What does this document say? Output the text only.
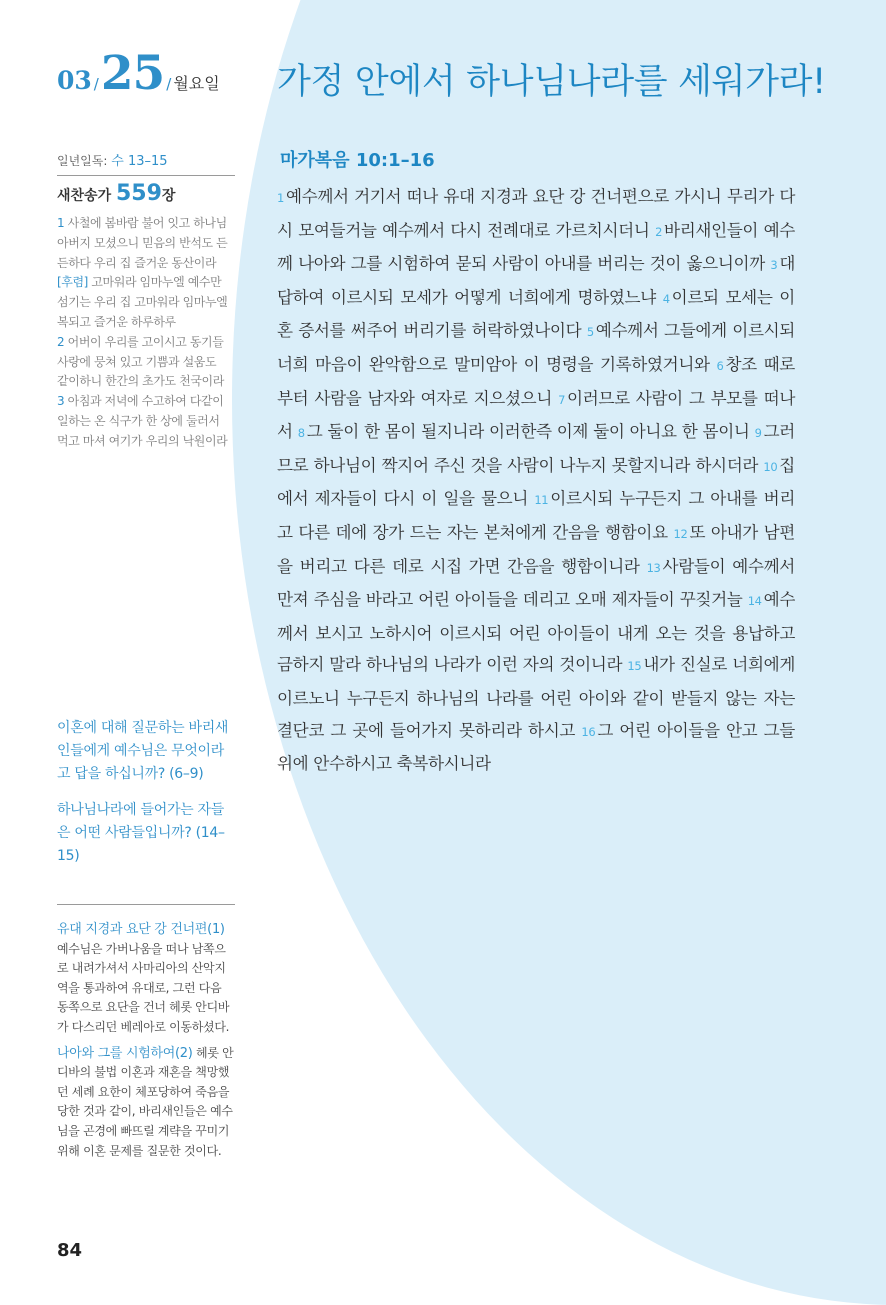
03 /25 / 월요일 가정 안에서 하나님나라를 세워가라!
일년일독: 수 13–15
새찬송가 559장
1 사철에 봄바람 불어 잇고 하나님
아버지 모셨으니 믿음의 반석도 든
든하다 우리 집 즐거운 동산이라
[후렴] 고마워라 임마누엘 예수만
섬기는 우리 집 고마워라 임마누엘
복되고 즐거운 하루하루
2 어버이 우리를 고이시고 동기들
사랑에 뭉쳐 있고 기쁨과 설움도
같이하니 한간의 초가도 천국이라
3 아침과 저녁에 수고하여 다같이
일하는 온 식구가 한 상에 둘러서
먹고 마셔 여기가 우리의 낙원이라

이혼에 대해 질문하는 바리새인들에게 예수님은 무엇이라고 답을 하십니까? (6–9)

하나님나라에 들어가는 자들은 어떤 사람들입니까? (14–15)

유대 지경과 요단 강 건너편(1)
예수님은 가버나움을 떠나 남쪽으로 내려가셔서 사마리아의 산악지역을 통과하여 유대로, 그런 다음 동쪽으로 요단을 건너 헤롯 안디바가 다스리던 베레아로 이동하셨다.

나아와 그를 시험하여(2) 헤롯 안디바의 불법 이혼과 재혼을 책망했던 세례 요한이 체포당하여 죽음을 당한 것과 같이, 바리새인들은 예수님을 곤경에 빠뜨릴 계략을 꾸미기 위해 이혼 문제를 질문한 것이다.

84
마가복음 10:1–16
1 예수께서 거기서 떠나 유대 지경과 요단 강 건너편으로 가시니 무리가 다시 모여들거늘 예수께서 다시 전례대로 가르치시더니 2 바리새인들이 예수께 나아와 그를 시험하여 묻되 사람이 아내를 버리는 것이 옳으니이까 3 대답하여 이르시되 모세가 어떻게 너희에게 명하였느냐 4 이르되 모세는 이혼 증서를 써주어 버리기를 허락하였나이다 5 예수께서 그들에게 이르시되 너희 마음이 완악함으로 말미암아 이 명령을 기록하였거니와 6 창조 때로부터 사람을 남자와 여자로 지으셨으니 7 이러므로 사람이 그 부모를 떠나서 8 그 둘이 한 몸이 될지니라 이러한즉 이제 둘이 아니요 한 몸이니 9 그러므로 하나님이 짝지어 주신 것을 사람이 나누지 못할지니라 하시더라 10 집에서 제자들이 다시 이 일을 물으니 11 이르시되 누구든지 그 아내를 버리고 다른 데에 장가 드는 자는 본처에게 간음을 행함이요 12 또 아내가 남편을 버리고 다른 데로 시집 가면 간음을 행함이니라 13 사람들이 예수께서 만져 주심을 바라고 어린 아이들을 데리고 오매 제자들이 꾸짖거늘 14 예수께서 보시고 노하시어 이르시되 어린 아이들이 내게 오는 것을 용납하고 금하지 말라 하나님의 나라가 이런 자의 것이니라 15 내가 진실로 너희에게 이르노니 누구든지 하나님의 나라를 어린 아이와 같이 받들지 않는 자는 결단코 그 곳에 들어가지 못하리라 하시고 16 그 어린 아이들을 안고 그들 위에 안수하시고 축복하시니라
